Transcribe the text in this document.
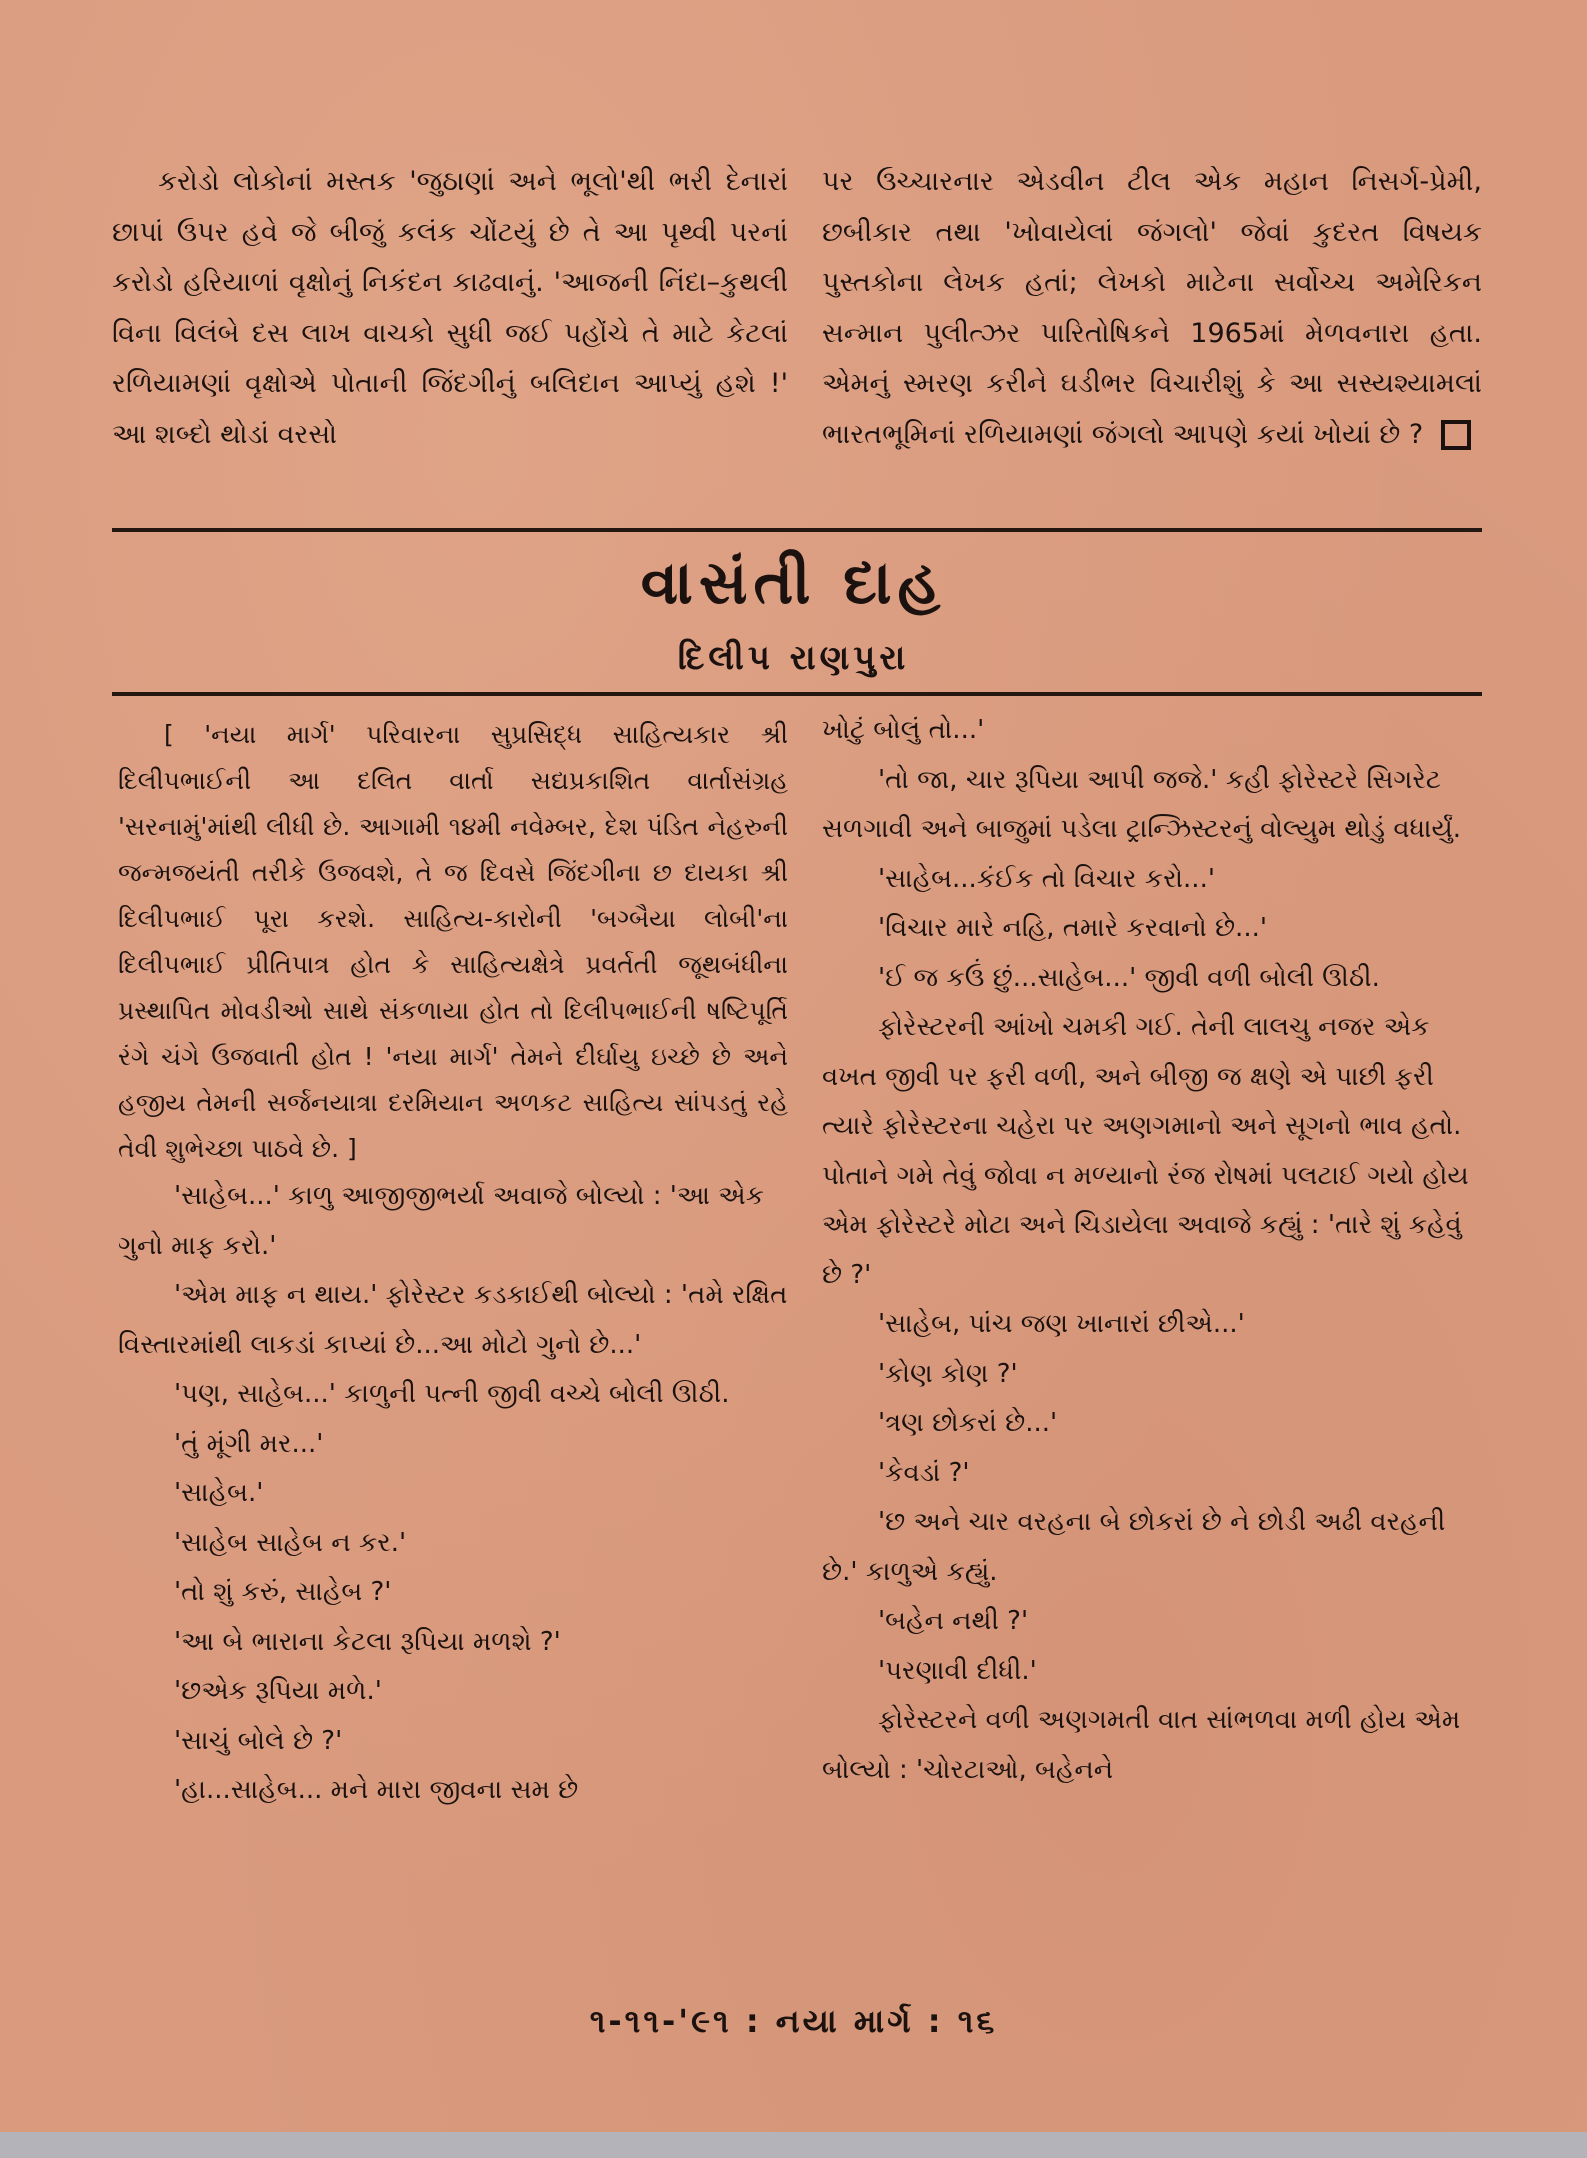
કરોડો લોકોનાં મસ્તક 'જુઠાણાં અને ભૂલો'થી ભરી દેનારાં છાપાં ઉપર હવે જે બીજું કલંક ચોંટયું છે તે આ પૃથ્વી પરનાં કરોડો હરિયાળાં વૃક્ષોનું નિકંદન કાઢવાનું. 'આજની નિંદા–કુથલી વિના વિલંબે દસ લાખ વાચકો સુધી જઈ પહોંચે તે માટે કેટલાં રળિયામણાં વૃક્ષોએ પોતાની જિંદગીનું બલિદાન આપ્યું હશે !' આ શબ્દો થોડાં વરસો

પર ઉચ્ચારનાર એડવીન ટીલ એક મહાન નિસર્ગ-પ્રેમી, છબીકાર તથા 'ખોવાયેલાં જંગલો' જેવાં કુદરત વિષયક પુસ્તકોના લેખક હતાં; લેખકો માટેના સર્વોચ્ચ અમેરિકન સન્માન પુલીત્ઝર પારિતોષિકને 1965માં મેળવનારા હતા. એમનું સ્મરણ કરીને ઘડીભર વિચારીશું કે આ સસ્યશ્યામલાં ભારતભૂમિનાં રળિયામણાં જંગલો આપણે કયાં ખોયાં છે ?

વાસંતી દાહ
દિલીપ રાણપુરા

[ 'નયા માર્ગ' પરિવારના સુપ્રસિદ્ધ સાહિત્યકાર શ્રી દિલીપભાઈની આ દલિત વાર્તા સદ્યપ્રકાશિત વાર્તાસંગ્રહ 'સરનામું'માંથી લીધી છે. આગામી ૧૪મી નવેમ્બર, દેશ પંડિત નેહરુની જન્મજયંતી તરીકે ઉજવશે, તે જ દિવસે જિંદગીના છ દાયકા શ્રી દિલીપભાઈ પૂરા કરશે. સાહિત્ય-કારોની 'બગ્બૈયા લોબી'ના દિલીપભાઈ પ્રીતિપાત્ર હોત કે સાહિત્યક્ષેત્રે પ્રવર્તતી જૂથબંધીના પ્રસ્થાપિત મોવડીઓ સાથે સંકળાયા હોત તો દિલીપભાઈની ષષ્ટિપૂર્તિ રંગે ચંગે ઉજવાતી હોત ! 'નયા માર્ગ' તેમને દીર્ઘાયુ ઇચ્છે છે અને હજીય તેમની સર્જનયાત્રા દરમિયાન અળકટ સાહિત્ય સાંપડતું રહે તેવી શુભેચ્છા પાઠવે છે. ]

'સાહેબ...' કાળુ આજીજીભર્યા અવાજે બોલ્યો : 'આ એક ગુનો માફ કરો.'

'એમ માફ ન થાય.' ફોરેસ્ટર કડકાઈથી બોલ્યો : 'તમે રક્ષિત વિસ્તારમાંથી લાકડાં કાપ્યાં છે...આ મોટો ગુનો છે...'

'પણ, સાહેબ...' કાળુની પત્ની જીવી વચ્ચે બોલી ઊઠી.

'તું મૂંગી મર...'

'સાહેબ.'

'સાહેબ સાહેબ ન કર.'

'તો શું કરું, સાહેબ ?'

'આ બે ભારાના કેટલા રૂપિયા મળશે ?'

'છએક રૂપિયા મળે.'

'સાચું બોલે છે ?'

'હા...સાહેબ... મને મારા જીવના સમ છે

ખોટું બોલું તો...'

'તો જા, ચાર રૂપિયા આપી જજે.' કહી ફોરેસ્ટરે સિગરેટ સળગાવી અને બાજુમાં પડેલા ટ્રાન્ઝિસ્ટરનું વોલ્યુમ થોડું વધાર્યું.

'સાહેબ...કંઈક તો વિચાર કરો...'

'વિચાર મારે નહિ, તમારે કરવાનો છે...'

'ઈ જ કઉં છું...સાહેબ...' જીવી વળી બોલી ઊઠી.

ફોરેસ્ટરની આંખો ચમકી ગઈ. તેની લાલચુ નજર એક વખત જીવી પર ફરી વળી, અને બીજી જ ક્ષણે એ પાછી ફરી ત્યારે ફોરેસ્ટરના ચહેરા પર અણગમાનો અને સૂગનો ભાવ હતો. પોતાને ગમે તેવું જોવા ન મળ્યાનો રંજ રોષમાં પલટાઈ ગયો હોય એમ ફોરેસ્ટરે મોટા અને ચિડાયેલા અવાજે કહ્યું : 'તારે શું કહેવું છે ?'

'સાહેબ, પાંચ જણ ખાનારાં છીએ...'

'કોણ કોણ ?'

'ત્રણ છોકરાં છે...'

'કેવડાં ?'

'છ અને ચાર વરહના બે છોકરાં છે ને છોડી અઢી વરહની છે.' કાળુએ કહ્યું.

'બહેન નથી ?'

'પરણાવી દીધી.'

ફોરેસ્ટરને વળી અણગમતી વાત સાંભળવા મળી હોય એમ બોલ્યો : 'ચોરટાઓ, બહેનને

૧-૧૧-'૯૧ : નયા માર્ગ : ૧૬
